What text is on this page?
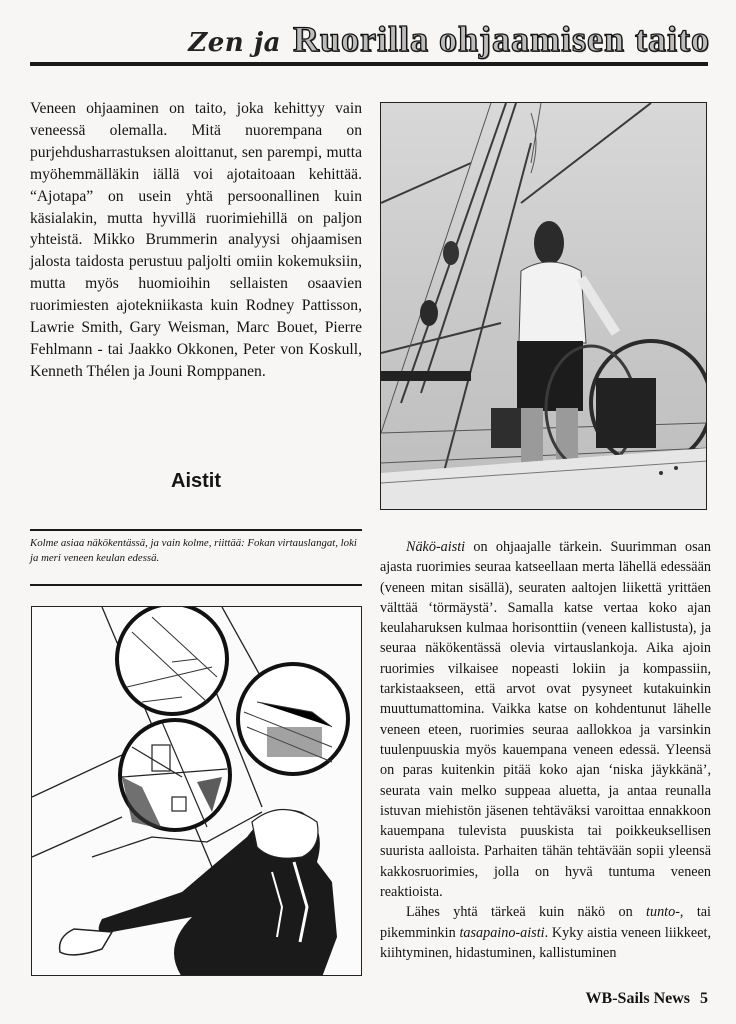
Zen ja Ruorilla ohjaamisen taito
Veneen ohjaaminen on taito, joka kehittyy vain veneessä olemalla. Mitä nuorempana on purjehdusharrastuksen aloittanut, sen parempi, mutta myöhemmälläkin iällä voi ajotaitoaan kehittää. “Ajotapa” on usein yhtä persoonallinen kuin käsialakin, mutta hyvillä ruorimiehillä on paljon yhteistä. Mikko Brummerin analyysi ohjaamisen jalosta taidosta perustuu paljolti omiin kokemuksiin, mutta myös huomioihin sellaisten osaavien ruorimiesten ajotekniikasta kuin Rodney Pattisson, Lawrie Smith, Gary Weisman, Marc Bouet, Pierre Fehlmann - tai Jaakko Okkonen, Peter von Koskull, Kenneth Thélen ja Jouni Romppanen.
Aistit
Kolme asiaa näkökentässä, ja vain kolme, riittää: Fokan virtauslangat, loki ja meri veneen keulan edessä.

Näkö-aisti on ohjaajalle tärkein. Suurimman osan ajasta ruorimies seuraa katseellaan merta lähellä edessään (veneen mitan sisällä), seuraten aaltojen liikettä yrittäen välttää ‘törmäystä’. Samalla katse vertaa koko ajan keulaharuksen kulmaa horisonttiin (veneen kallistusta), ja seuraa näkökentässä olevia virtauslankoja. Aika ajoin ruorimies vilkaisee nopeasti lokiin ja kompassiin, tarkistaakseen, että arvot ovat pysyneet kutakuinkin muuttumattomina. Vaikka katse on kohdentunut lähelle veneen eteen, ruorimies seuraa aallokkoa ja varsinkin tuulenpuuskia myös kauempana veneen edessä. Yleensä on paras kuitenkin pitää koko ajan ‘niska jäykkänä’, seurata vain melko suppeaa aluetta, ja antaa reunalla istuvan miehistön jäsenen tehtäväksi varoittaa ennakkoon kauempana tulevista puuskista tai poikkeuksellisen suurista aalloista. Parhaiten tähän tehtävään sopii yleensä kakkosruorimies, jolla on hyvä tuntuma veneen reaktioista.

Lähes yhtä tärkeä kuin näkö on tunto-, tai pikemminkin tasapaino-aisti. Kyky aistia veneen liikkeet, kiihtyminen, hidastuminen, kallistuminen

WB-Sails News 5
